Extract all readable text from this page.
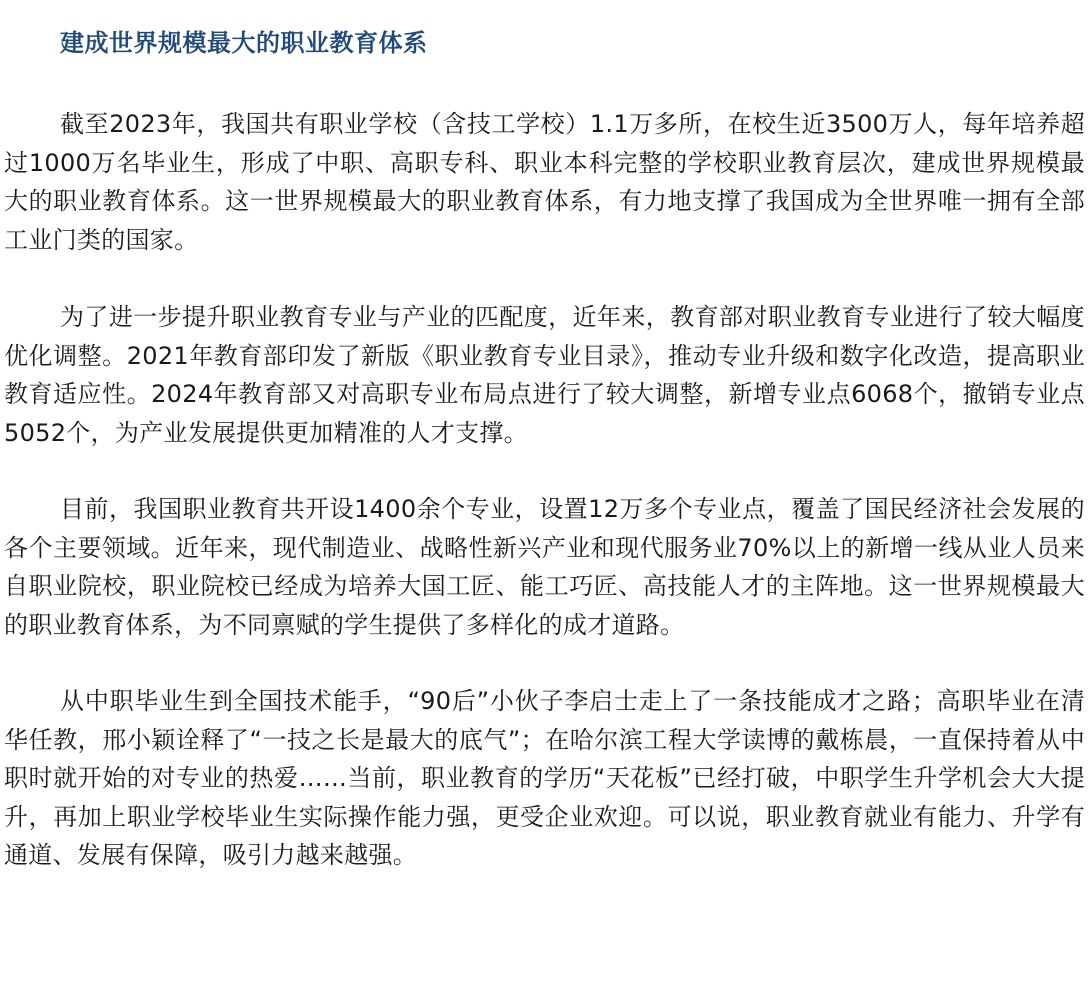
建成世界规模最大的职业教育体系

截至2023年，我国共有职业学校（含技工学校）1.1万多所，在校生近3500万人，每年培养超过1000万名毕业生，形成了中职、高职专科、职业本科完整的学校职业教育层次，建成世界规模最大的职业教育体系。这一世界规模最大的职业教育体系，有力地支撑了我国成为全世界唯一拥有全部工业门类的国家。

为了进一步提升职业教育专业与产业的匹配度，近年来，教育部对职业教育专业进行了较大幅度优化调整。2021年教育部印发了新版《职业教育专业目录》，推动专业升级和数字化改造，提高职业教育适应性。2024年教育部又对高职专业布局点进行了较大调整，新增专业点6068个，撤销专业点5052个，为产业发展提供更加精准的人才支撑。

目前，我国职业教育共开设1400余个专业，设置12万多个专业点，覆盖了国民经济社会发展的各个主要领域。近年来，现代制造业、战略性新兴产业和现代服务业70%以上的新增一线从业人员来自职业院校，职业院校已经成为培养大国工匠、能工巧匠、高技能人才的主阵地。这一世界规模最大的职业教育体系，为不同禀赋的学生提供了多样化的成才道路。

从中职毕业生到全国技术能手，“90后”小伙子李启士走上了一条技能成才之路；高职毕业在清华任教，邢小颖诠释了“一技之长是最大的底气”；在哈尔滨工程大学读博的戴栋晨，一直保持着从中职时就开始的对专业的热爱……当前，职业教育的学历“天花板”已经打破，中职学生升学机会大大提升，再加上职业学校毕业生实际操作能力强，更受企业欢迎。可以说，职业教育就业有能力、升学有通道、发展有保障，吸引力越来越强。
